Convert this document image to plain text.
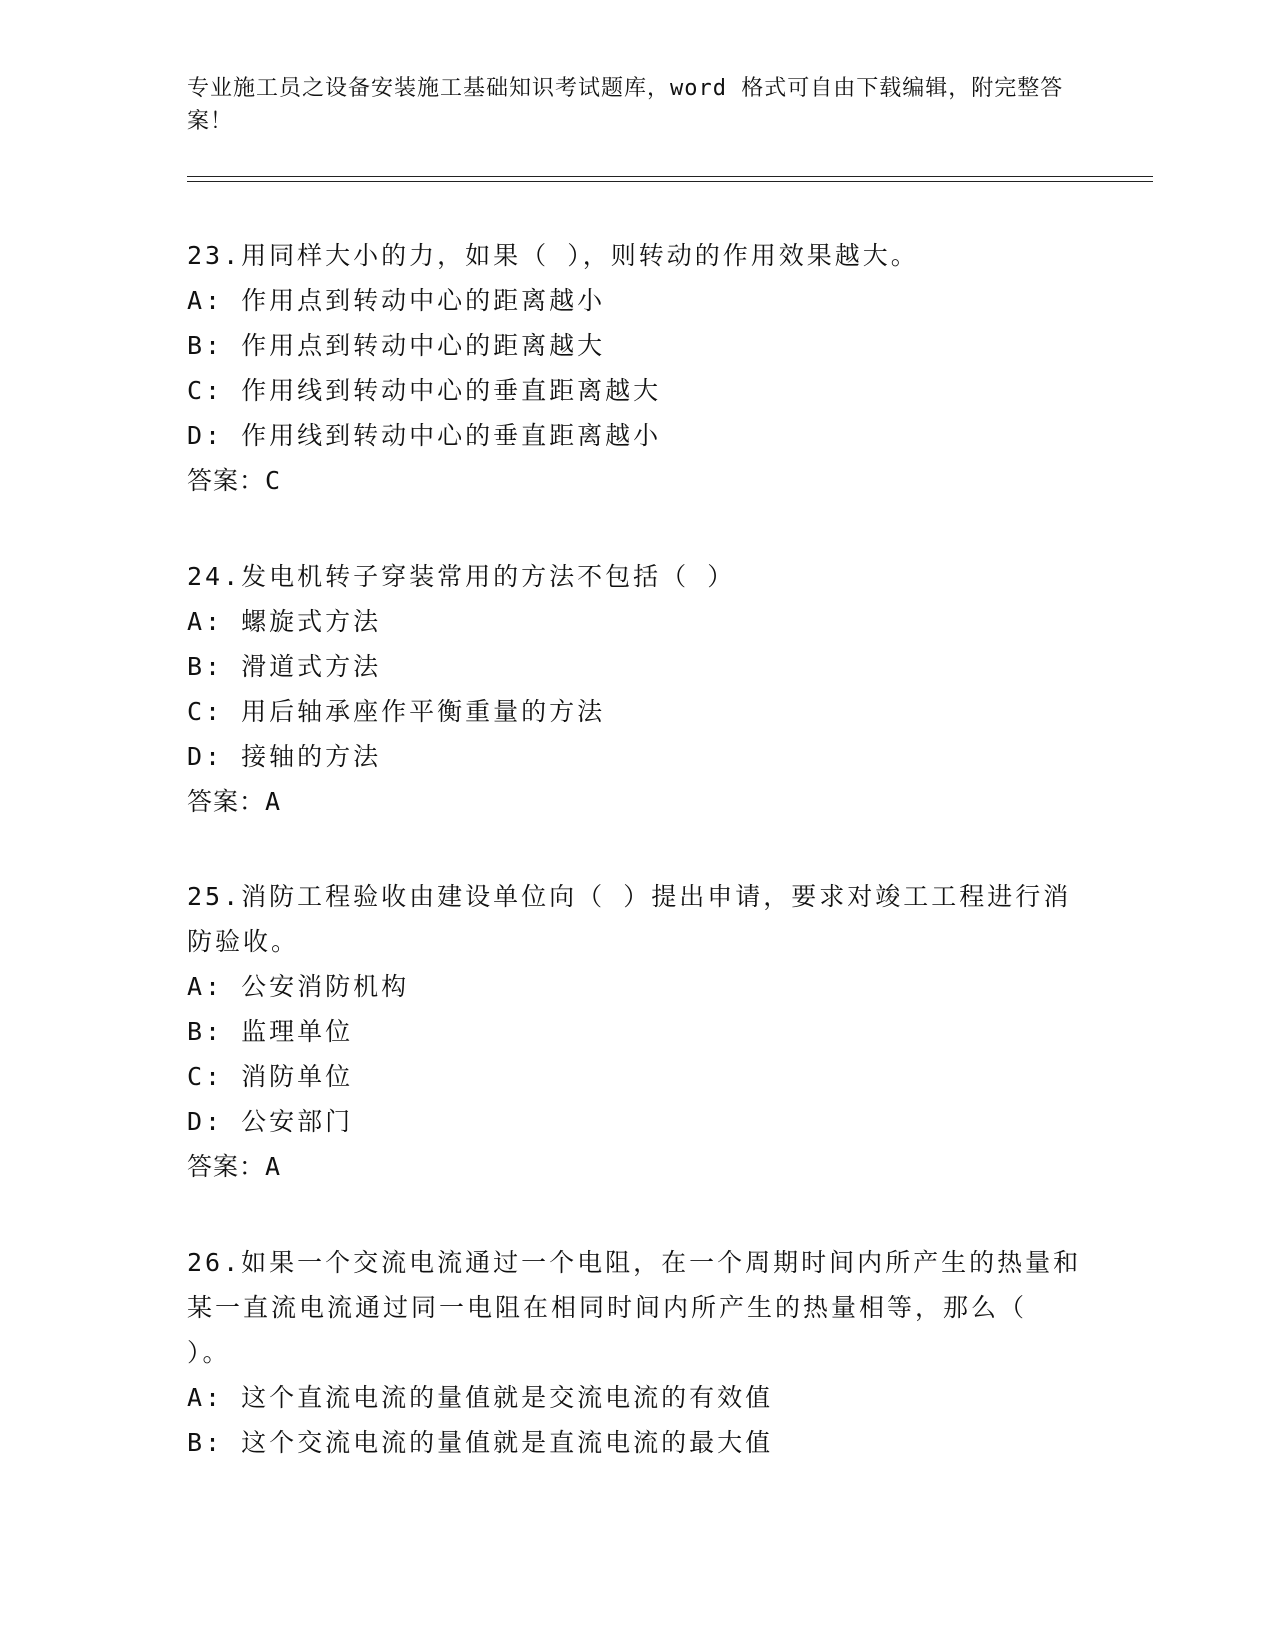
专业施工员之设备安装施工基础知识考试题库，word 格式可自由下载编辑，附完整答案！
23.用同样大小的力，如果（ ），则转动的作用效果越大。
A: 作用点到转动中心的距离越小
B: 作用点到转动中心的距离越大
C: 作用线到转动中心的垂直距离越大
D: 作用线到转动中心的垂直距离越小
答案：C
24.发电机转子穿装常用的方法不包括（ ）
A: 螺旋式方法
B: 滑道式方法
C: 用后轴承座作平衡重量的方法
D: 接轴的方法
答案：A
25.消防工程验收由建设单位向（ ）提出申请，要求对竣工工程进行消防验收。
A: 公安消防机构
B: 监理单位
C: 消防单位
D: 公安部门
答案：A
26.如果一个交流电流通过一个电阻，在一个周期时间内所产生的热量和某一直流电流通过同一电阻在相同时间内所产生的热量相等，那么（ ）。
A: 这个直流电流的量值就是交流电流的有效值
B: 这个交流电流的量值就是直流电流的最大值
